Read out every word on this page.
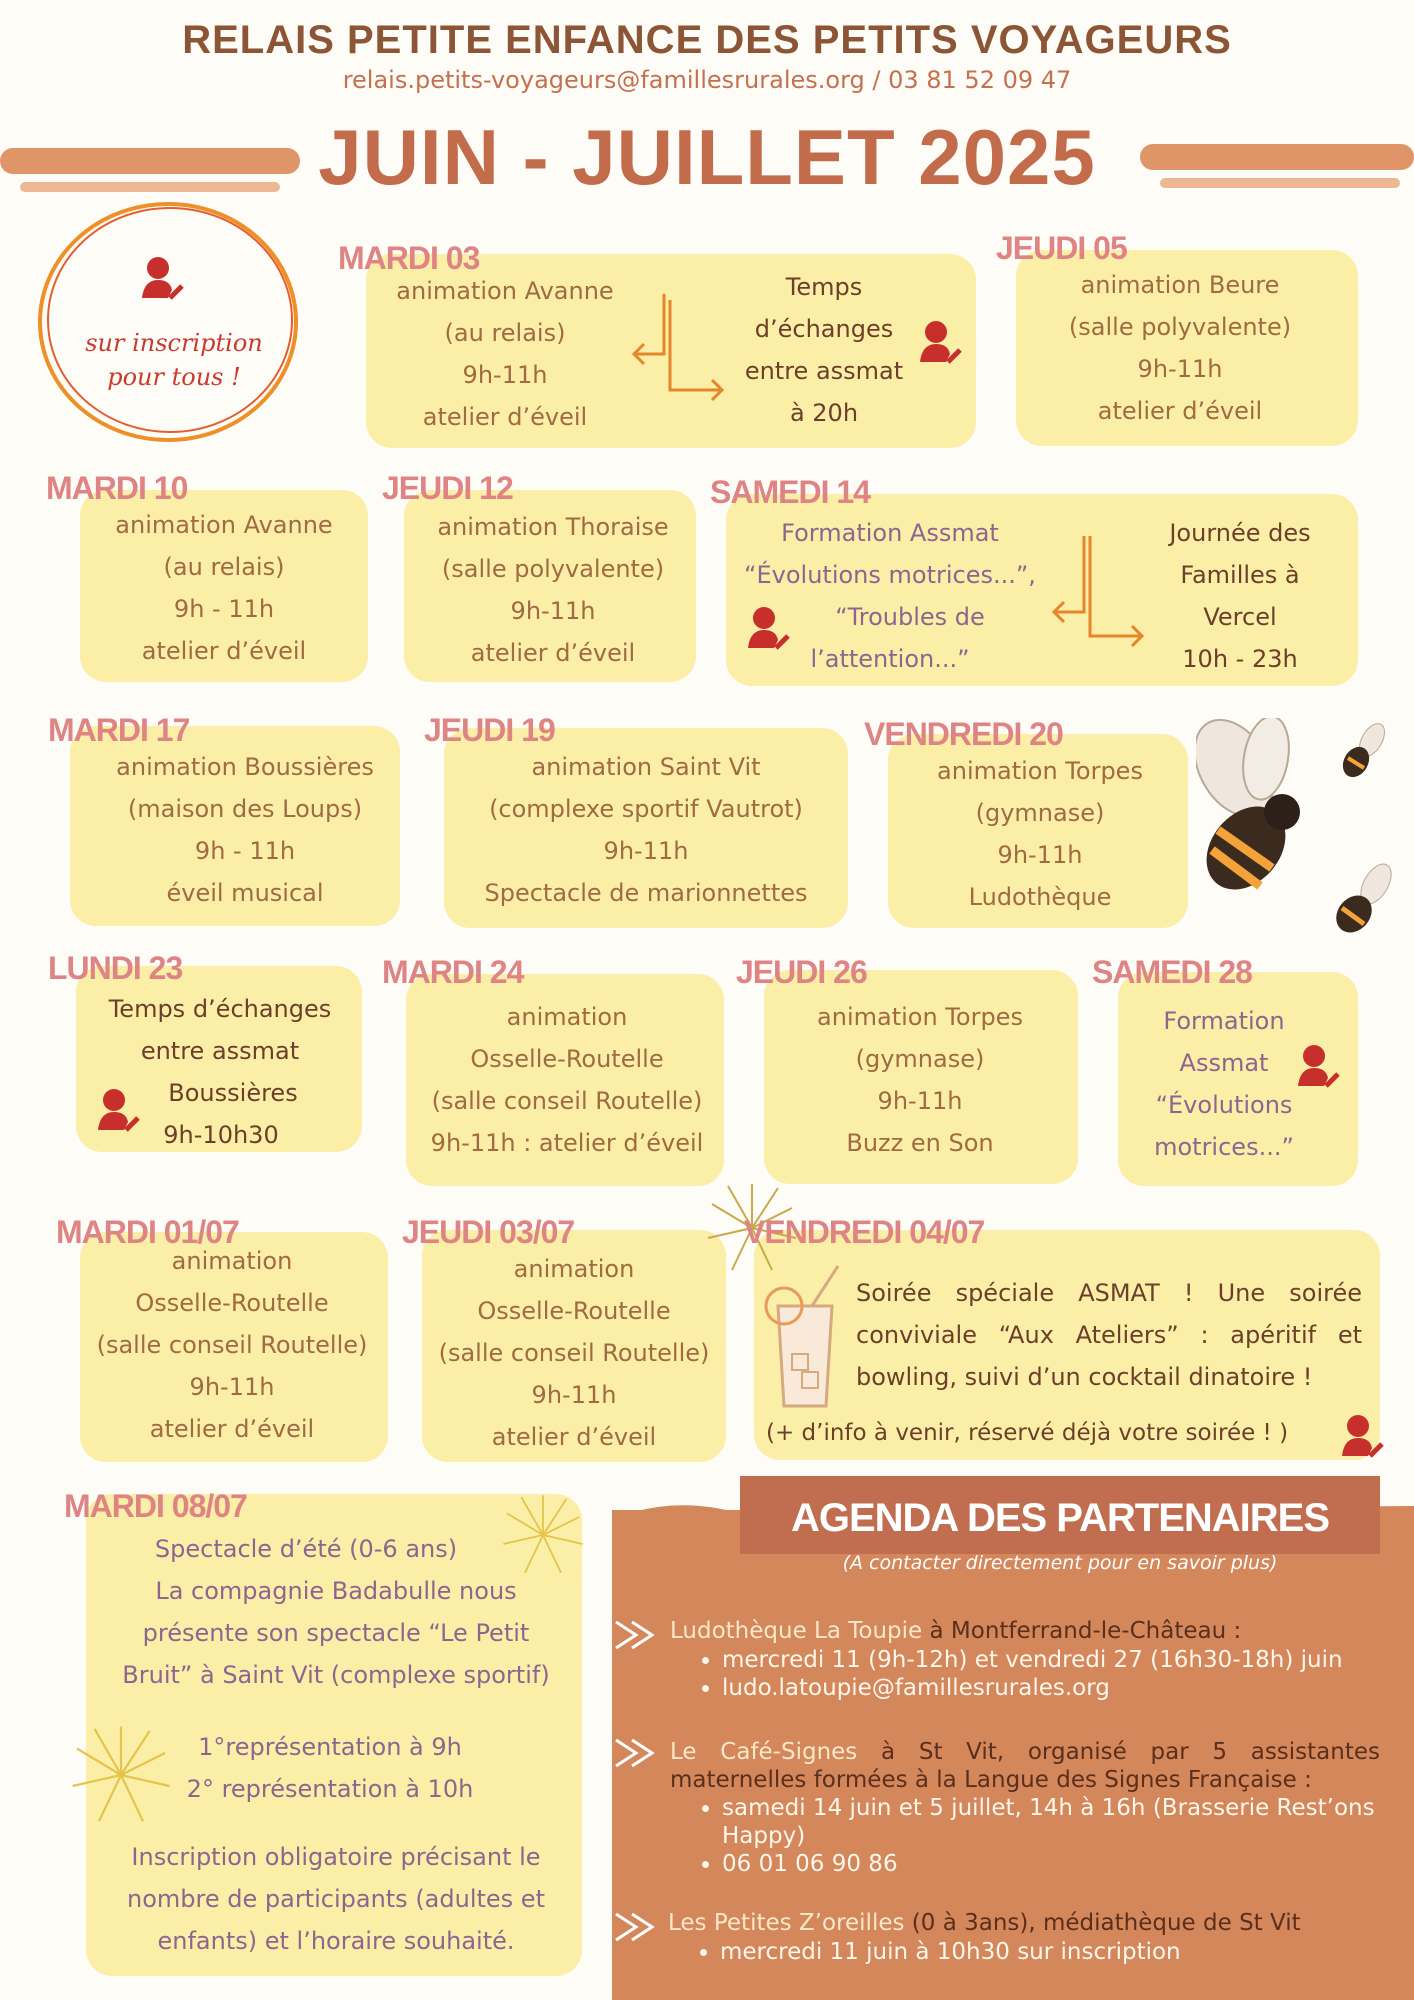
RELAIS PETITE ENFANCE DES PETITS VOYAGEURS
relais.petits-voyageurs@famillesrurales.org / 03 81 52 09 47
JUIN - JUILLET 2025
sur inscription
pour tous !
MARDI 03
animation Avanne
(au relais)
9h-11h
atelier d’éveil
Temps
d’échanges
entre assmat
à 20h
JEUDI 05
animation Beure
(salle polyvalente)
9h-11h
atelier d’éveil
MARDI 10
animation Avanne
(au relais)
9h - 11h
atelier d’éveil
JEUDI 12
animation Thoraise
(salle polyvalente)
9h-11h
atelier d’éveil
SAMEDI 14
Formation Assmat
“Évolutions motrices...”,
“Troubles de
l’attention...”
Journée des
Familles à
Vercel
10h - 23h
MARDI 17
animation Boussières
(maison des Loups)
9h - 11h
éveil musical
JEUDI 19
animation Saint Vit
(complexe sportif Vautrot)
9h-11h
Spectacle de marionnettes
VENDREDI 20
animation Torpes
(gymnase)
9h-11h
Ludothèque
LUNDI 23
Temps d’échanges
entre assmat
Boussières
9h-10h30
MARDI 24
animation
Osselle-Routelle
(salle conseil Routelle)
9h-11h : atelier d’éveil
JEUDI 26
animation Torpes
(gymnase)
9h-11h
Buzz en Son
SAMEDI 28
Formation
Assmat
“Évolutions
motrices...”
MARDI 01/07
animation
Osselle-Routelle
(salle conseil Routelle)
9h-11h
atelier d’éveil
JEUDI 03/07
animation
Osselle-Routelle
(salle conseil Routelle)
9h-11h
atelier d’éveil
VENDREDI 04/07
Soirée spéciale ASMAT ! Une soirée
conviviale “Aux Ateliers” : apéritif et
bowling, suivi d’un cocktail dinatoire !
(+ d’info à venir, réservé déjà votre soirée ! )
MARDI 08/07
Spectacle d’été (0-6 ans)
La compagnie Badabulle nous
présente son spectacle “Le Petit
Bruit” à Saint Vit (complexe sportif)
1°représentation à 9h
2° représentation à 10h
Inscription obligatoire précisant le
nombre de participants (adultes et
enfants) et l’horaire souhaité.
AGENDA DES PARTENAIRES
(A contacter directement pour en savoir plus)
Ludothèque La Toupie à Montferrand-le-Château :
• mercredi 11 (9h-12h) et vendredi 27 (16h30-18h) juin
• ludo.latoupie@famillesrurales.org
Le Café-Signes à St Vit, organisé par 5 assistantes maternelles formées à la Langue des Signes Française :
• samedi 14 juin et 5 juillet, 14h à 16h (Brasserie Rest’ons Happy)
• 06 01 06 90 86
Les Petites Z’oreilles (0 à 3ans), médiathèque de St Vit
• mercredi 11 juin à 10h30 sur inscription
